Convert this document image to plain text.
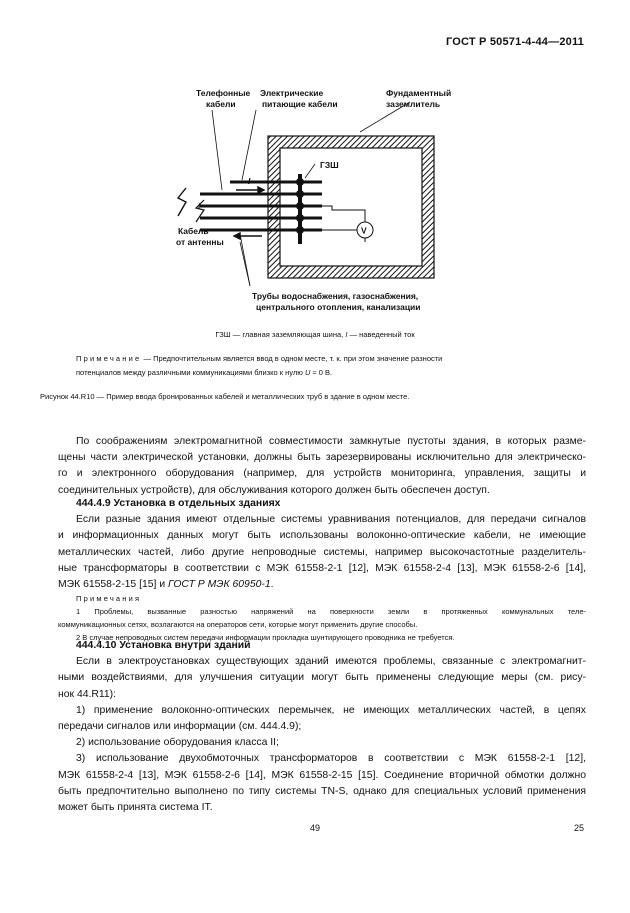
ГОСТ Р 50571-4-44—2011
V
Телефонные
кабели
Электрические
питающие кабели
Фундаментный
заземлитель
ГЗШ
I
I
Кабель
от антенны
Трубы водоснабжения, газоснабжения,
центрального отопления, канализации
ГЗШ — главная заземляющая шина, I — наведенный ток
Примечание — Предпочтительным является ввод в одном месте, т. к. при этом значение разности
потенциалов между различными коммуникациями близко к нулю U ≈ 0 В.
Рисунок 44.R10 — Пример ввода бронированных кабелей и металлических труб в здание в одном месте.
По соображениям электромагнитной совместимости замкнутые пустоты здания, в которых разме-
щены части электрической установки, должны быть зарезервированы исключительно для электрическо-
го и электронного оборудования (например, для устройств мониторинга, управления, защиты и
соединительных устройств), для обслуживания которого должен быть обеспечен доступ.
444.4.9 Установка в отдельных зданиях
Если разные здания имеют отдельные системы уравнивания потенциалов, для передачи сигналов
и информационных данных могут быть использованы волоконно-оптические кабели, не имеющие
металлических частей, либо другие непроводные системы, например высокочастотные разделитель-
ные трансформаторы в соответствии с МЭК 61558-2-1 [12], МЭК 61558-2-4 [13], МЭК 61558-2-6 [14],
МЭК 61558-2-15 [15] и ГОСТ Р МЭК 60950-1.
Примечания
1 Проблемы, вызванные разностью напряжений на поверхности земли в протяженных коммунальных теле-
коммуникационных сетях, возлагаются на операторов сети, которые могут применить другие способы.
2 В случае непроводных систем передачи информации прокладка шунтирующего проводника не требуется.
444.4.10 Установка внутри зданий
Если в электроустановках существующих зданий имеются проблемы, связанные с электромагнит-
ными воздействиями, для улучшения ситуации могут быть применены следующие меры (см. рису-
нок 44.R11):
1) применение волоконно-оптических перемычек, не имеющих металлических частей, в цепях
передачи сигналов или информации (см. 444.4.9);
2) использование оборудования класса II;
3) использование двухобмоточных трансформаторов в соответствии с МЭК 61558-2-1 [12],
МЭК 61558-2-4 [13], МЭК 61558-2-6 [14], МЭК 61558-2-15 [15]. Соединение вторичной обмотки должно
быть предпочтительно выполнено по типу системы TN-S, однако для специальных условий применения
может быть принята система IT.
49	25
